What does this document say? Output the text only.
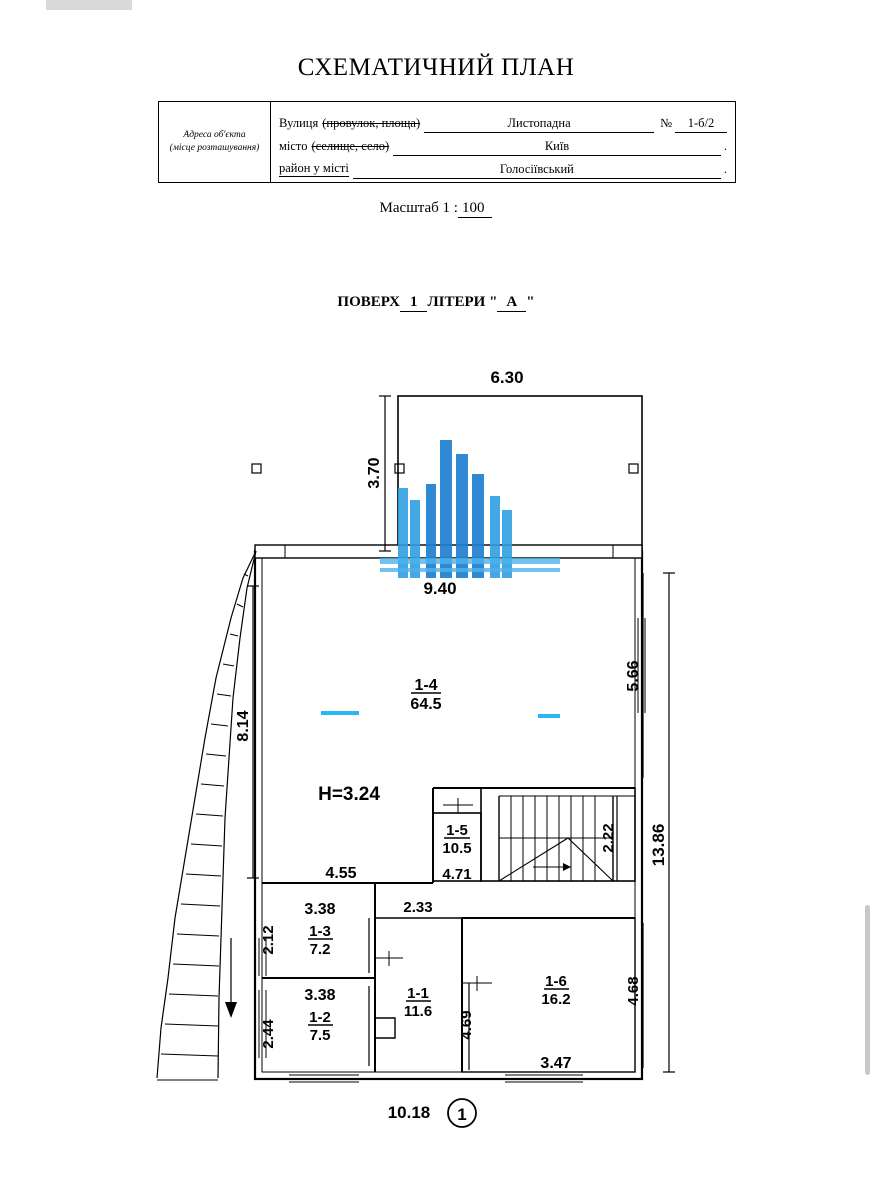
СХЕМАТИЧНИЙ ПЛАН
Адреса об'єкта
(місце розташування)
Вулиця (провулок, площа)	Листопадна	№	1-б/2
місто (селище, село)	Київ	.
район у місті	Голосіївський	.
Масштаб 1 : 100
ПОВЕРХ 1 ЛІТЕРИ " А "
6.30
3.70
9.40
8.14
5.66
13.86
2.22
4.68
4.69
2.12
2.44
H=3.24
4.55	4.71
2.33
3.38
3.38
3.47
10.18 1
1-4
64.5
1-5
10.5
1-3
7.2
1-2
7.5
1-1
11.6
1-6
16.2
